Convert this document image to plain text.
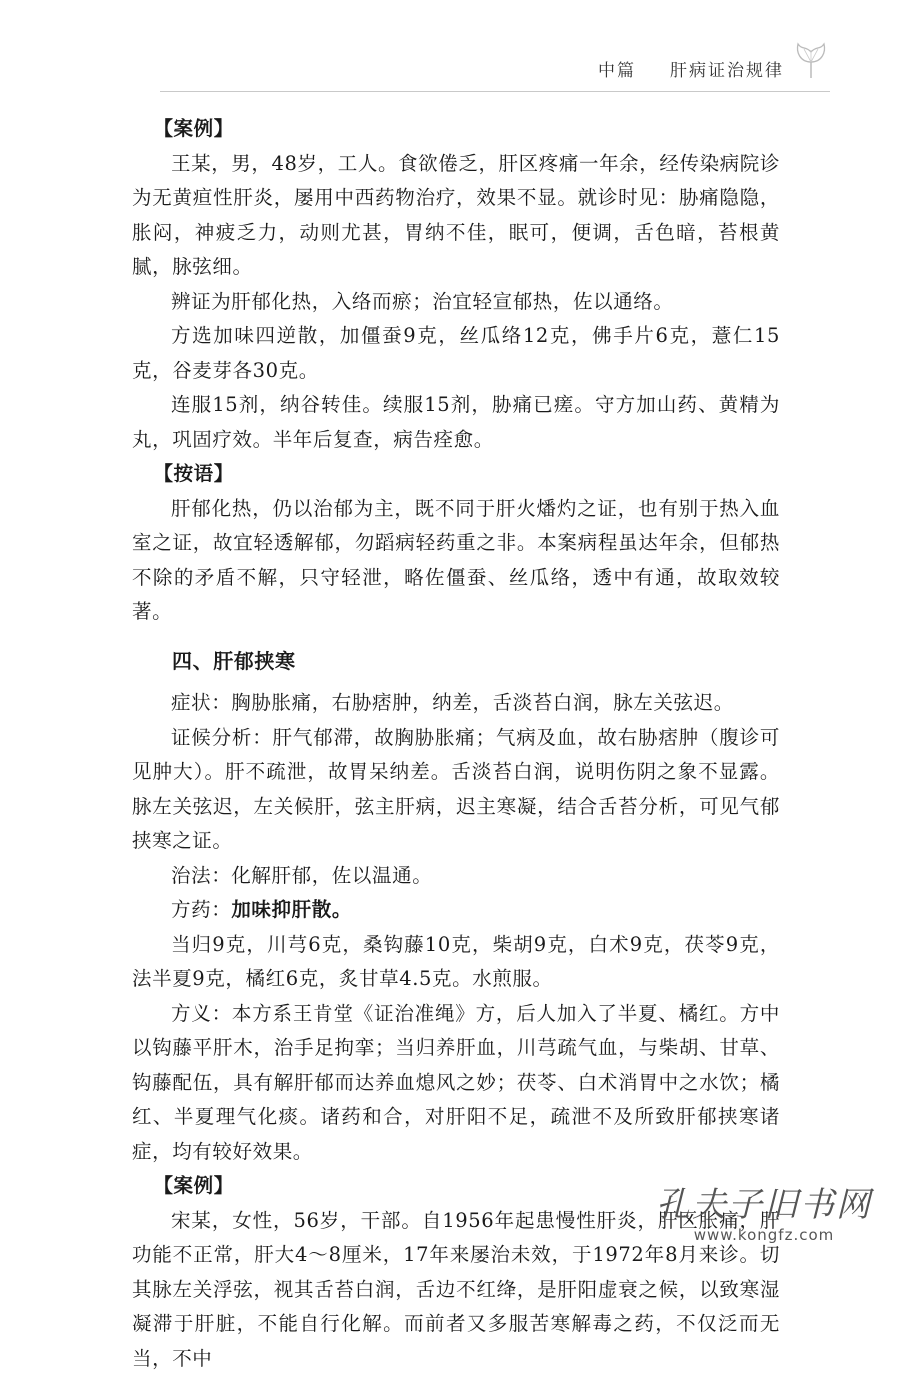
中篇 肝病证治规律
【案例】

王某，男，48岁，工人。食欲倦乏，肝区疼痛一年余，经传染病院诊为无黄疸性肝炎，屡用中西药物治疗，效果不显。就诊时见：胁痛隐隐，胀闷，神疲乏力，动则尤甚，胃纳不佳，眠可，便调，舌色暗，苔根黄腻，脉弦细。

辨证为肝郁化热，入络而瘀；治宜轻宣郁热，佐以通络。

方选加味四逆散，加僵蚕9克，丝瓜络12克，佛手片6克，薏仁15克，谷麦芽各30克。

连服15剂，纳谷转佳。续服15剂，胁痛已瘥。守方加山药、黄精为丸，巩固疗效。半年后复查，病告痊愈。

【按语】

肝郁化热，仍以治郁为主，既不同于肝火燔灼之证，也有别于热入血室之证，故宜轻透解郁，勿蹈病轻药重之非。本案病程虽达年余，但郁热不除的矛盾不解，只守轻泄，略佐僵蚕、丝瓜络，透中有通，故取效较著。

四、肝郁挟寒

症状：胸胁胀痛，右胁痞肿，纳差，舌淡苔白润，脉左关弦迟。

证候分析：肝气郁滞，故胸胁胀痛；气病及血，故右胁痞肿（腹诊可见肿大）。肝不疏泄，故胃呆纳差。舌淡苔白润，说明伤阴之象不显露。脉左关弦迟，左关候肝，弦主肝病，迟主寒凝，结合舌苔分析，可见气郁挟寒之证。

治法：化解肝郁，佐以温通。

方药：加味抑肝散。

当归9克，川芎6克，桑钩藤10克，柴胡9克，白术9克，茯苓9克，法半夏9克，橘红6克，炙甘草4.5克。水煎服。

方义：本方系王肯堂《证治准绳》方，后人加入了半夏、橘红。方中以钩藤平肝木，治手足拘挛；当归养肝血，川芎疏气血，与柴胡、甘草、钩藤配伍，具有解肝郁而达养血熄风之妙；茯苓、白术消胃中之水饮；橘红、半夏理气化痰。诸药和合，对肝阳不足，疏泄不及所致肝郁挟寒诸症，均有较好效果。

【案例】

宋某，女性，56岁，干部。自1956年起患慢性肝炎，肝区胀痛，肝功能不正常，肝大4～8厘米，17年来屡治未效，于1972年8月来诊。切其脉左关浮弦，视其舌苔白润，舌边不红绛，是肝阳虚衰之候，以致寒湿凝滞于肝脏，不能自行化解。而前者又多服苦寒解毒之药，不仅泛而无当，不中

孔夫子旧书网
www.kongfz.com
